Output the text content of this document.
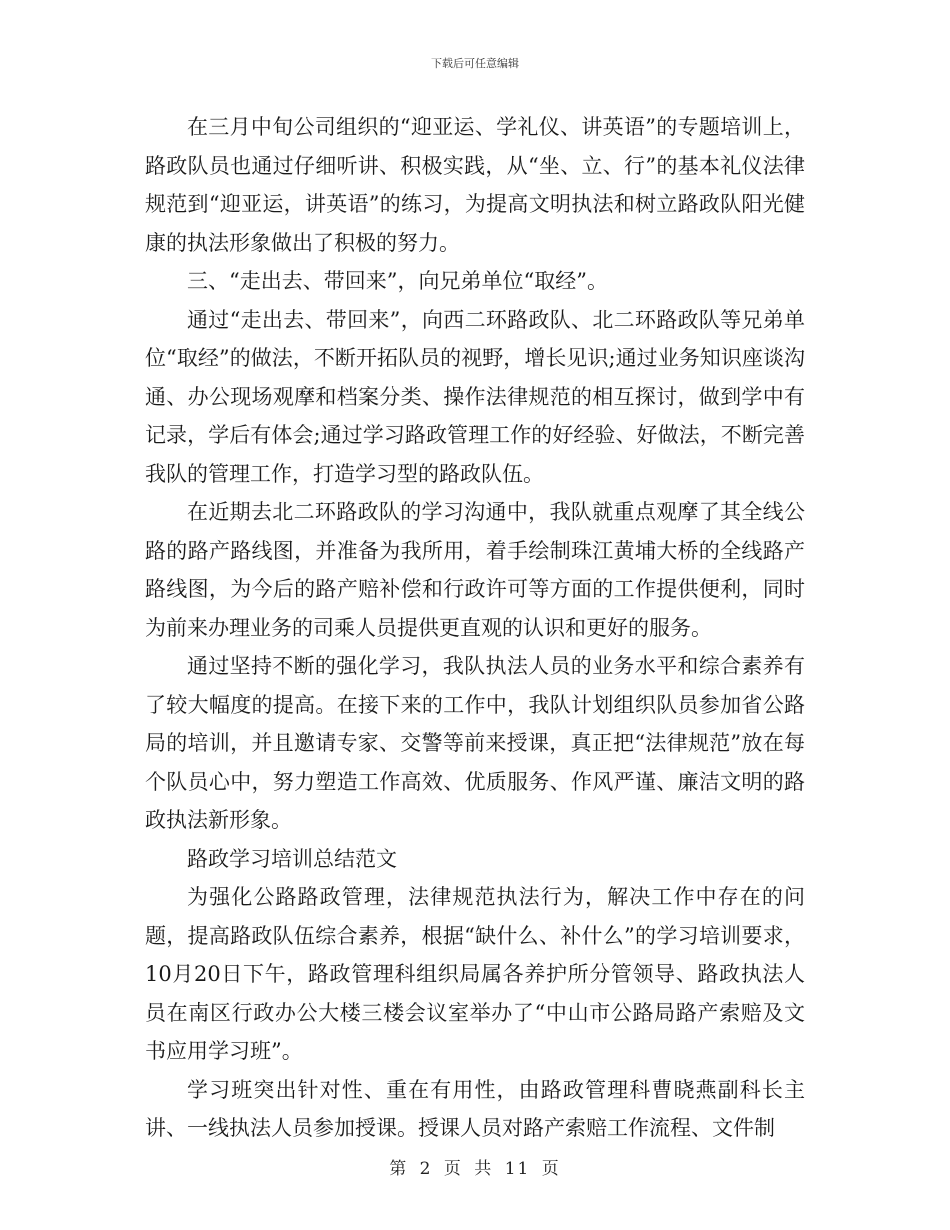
下载后可任意编辑

在三月中旬公司组织的“迎亚运、学礼仪、讲英语”的专题培训上，路政队员也通过仔细听讲、积极实践，从“坐、立、行”的基本礼仪法律规范到“迎亚运，讲英语”的练习，为提高文明执法和树立路政队阳光健康的执法形象做出了积极的努力。

三、“走出去、带回来”，向兄弟单位“取经”。

通过“走出去、带回来”，向西二环路政队、北二环路政队等兄弟单位“取经”的做法，不断开拓队员的视野，增长见识;通过业务知识座谈沟通、办公现场观摩和档案分类、操作法律规范的相互探讨，做到学中有记录，学后有体会;通过学习路政管理工作的好经验、好做法，不断完善我队的管理工作，打造学习型的路政队伍。

在近期去北二环路政队的学习沟通中，我队就重点观摩了其全线公路的路产路线图，并准备为我所用，着手绘制珠江黄埔大桥的全线路产路线图，为今后的路产赔补偿和行政许可等方面的工作提供便利，同时为前来办理业务的司乘人员提供更直观的认识和更好的服务。

通过坚持不断的强化学习，我队执法人员的业务水平和综合素养有了较大幅度的提高。在接下来的工作中，我队计划组织队员参加省公路局的培训，并且邀请专家、交警等前来授课，真正把“法律规范”放在每个队员心中，努力塑造工作高效、优质服务、作风严谨、廉洁文明的路政执法新形象。

路政学习培训总结范文

为强化公路路政管理，法律规范执法行为，解决工作中存在的问题，提高路政队伍综合素养，根据“缺什么、补什么”的学习培训要求，10月20日下午，路政管理科组织局属各养护所分管领导、路政执法人员在南区行政办公大楼三楼会议室举办了“中山市公路局路产索赔及文书应用学习班”。

学习班突出针对性、重在有用性，由路政管理科曹晓燕副科长主讲、一线执法人员参加授课。授课人员对路产索赔工作流程、文件制

第 2 页 共 11 页
